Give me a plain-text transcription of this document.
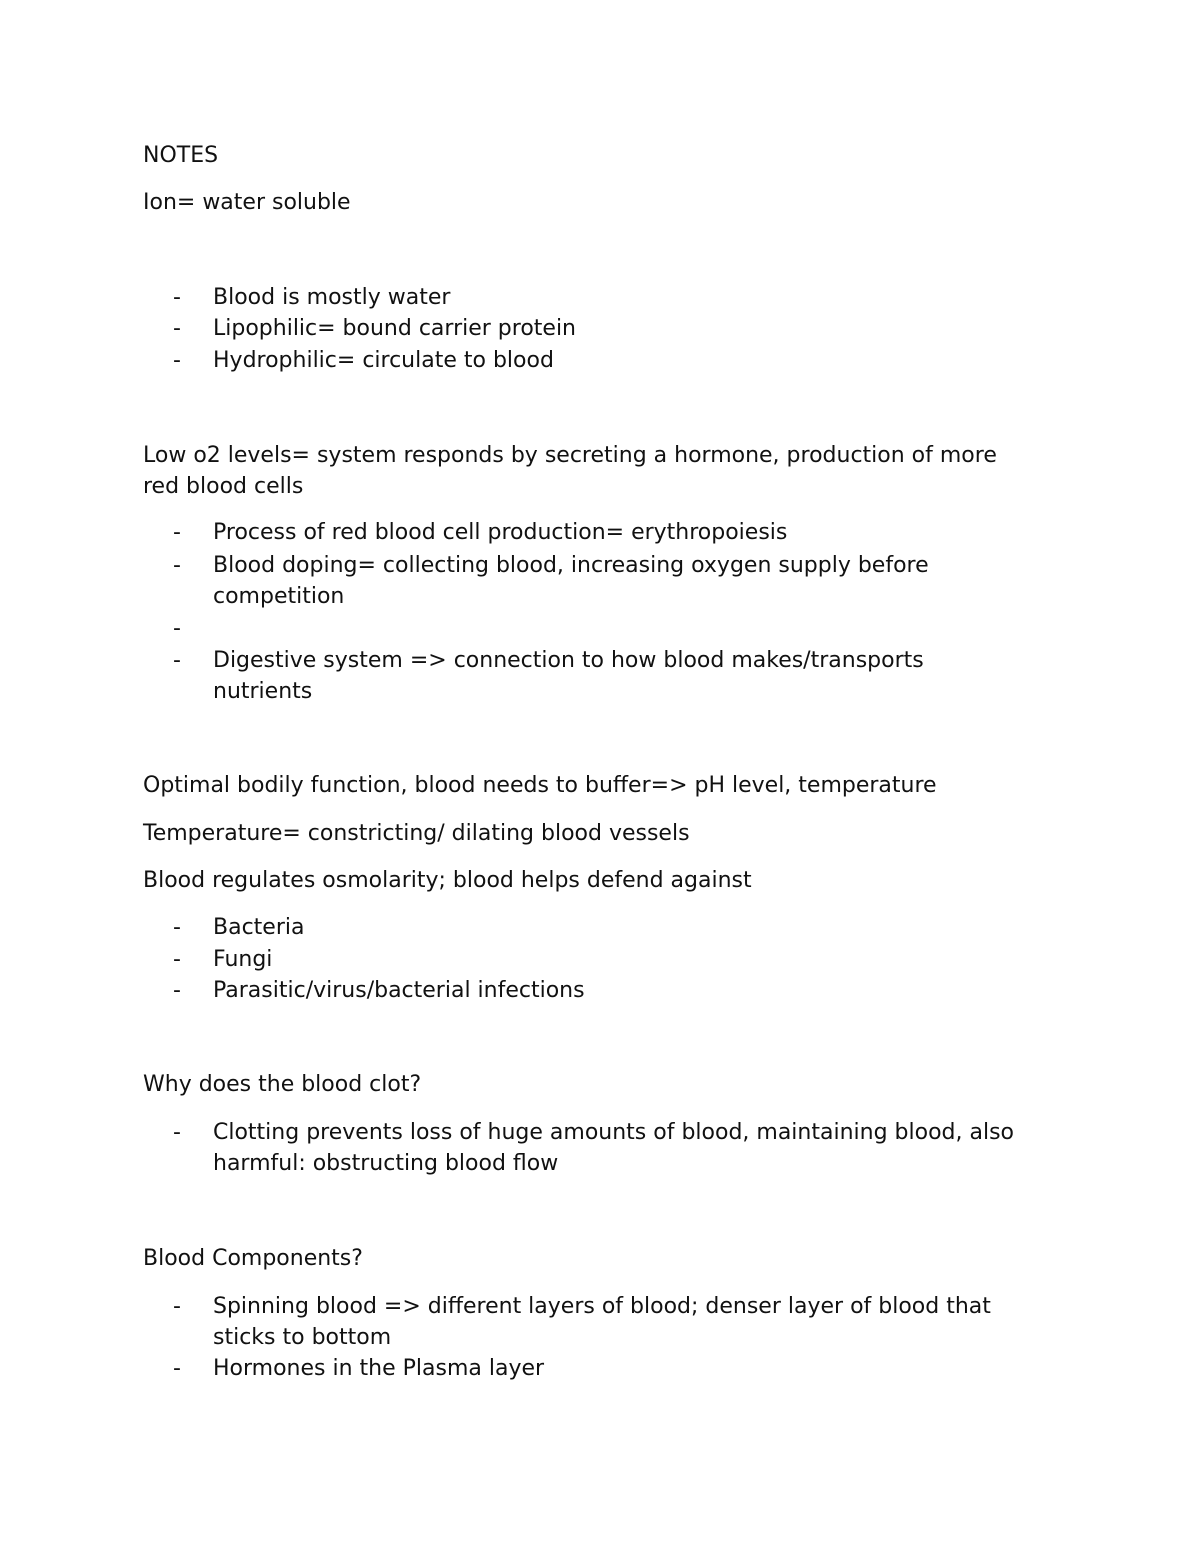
NOTES

Ion= water soluble

-	Blood is mostly water
-	Lipophilic= bound carrier protein
-	Hydrophilic= circulate to blood

Low o2 levels= system responds by secreting a hormone, production of more

red blood cells

-	Process of red blood cell production= erythropoiesis
-	Blood doping= collecting blood, increasing oxygen supply before competition
-
-	Digestive system => connection to how blood makes/transports nutrients

Optimal bodily function, blood needs to buffer=> pH level, temperature

Temperature= constricting/ dilating blood vessels

Blood regulates osmolarity; blood helps defend against

-	Bacteria
-	Fungi
-	Parasitic/virus/bacterial infections

Why does the blood clot?

-	Clotting prevents loss of huge amounts of blood, maintaining blood, also harmful: obstructing blood flow

Blood Components?

-	Spinning blood => different layers of blood; denser layer of blood that sticks to bottom
-	Hormones in the Plasma layer
